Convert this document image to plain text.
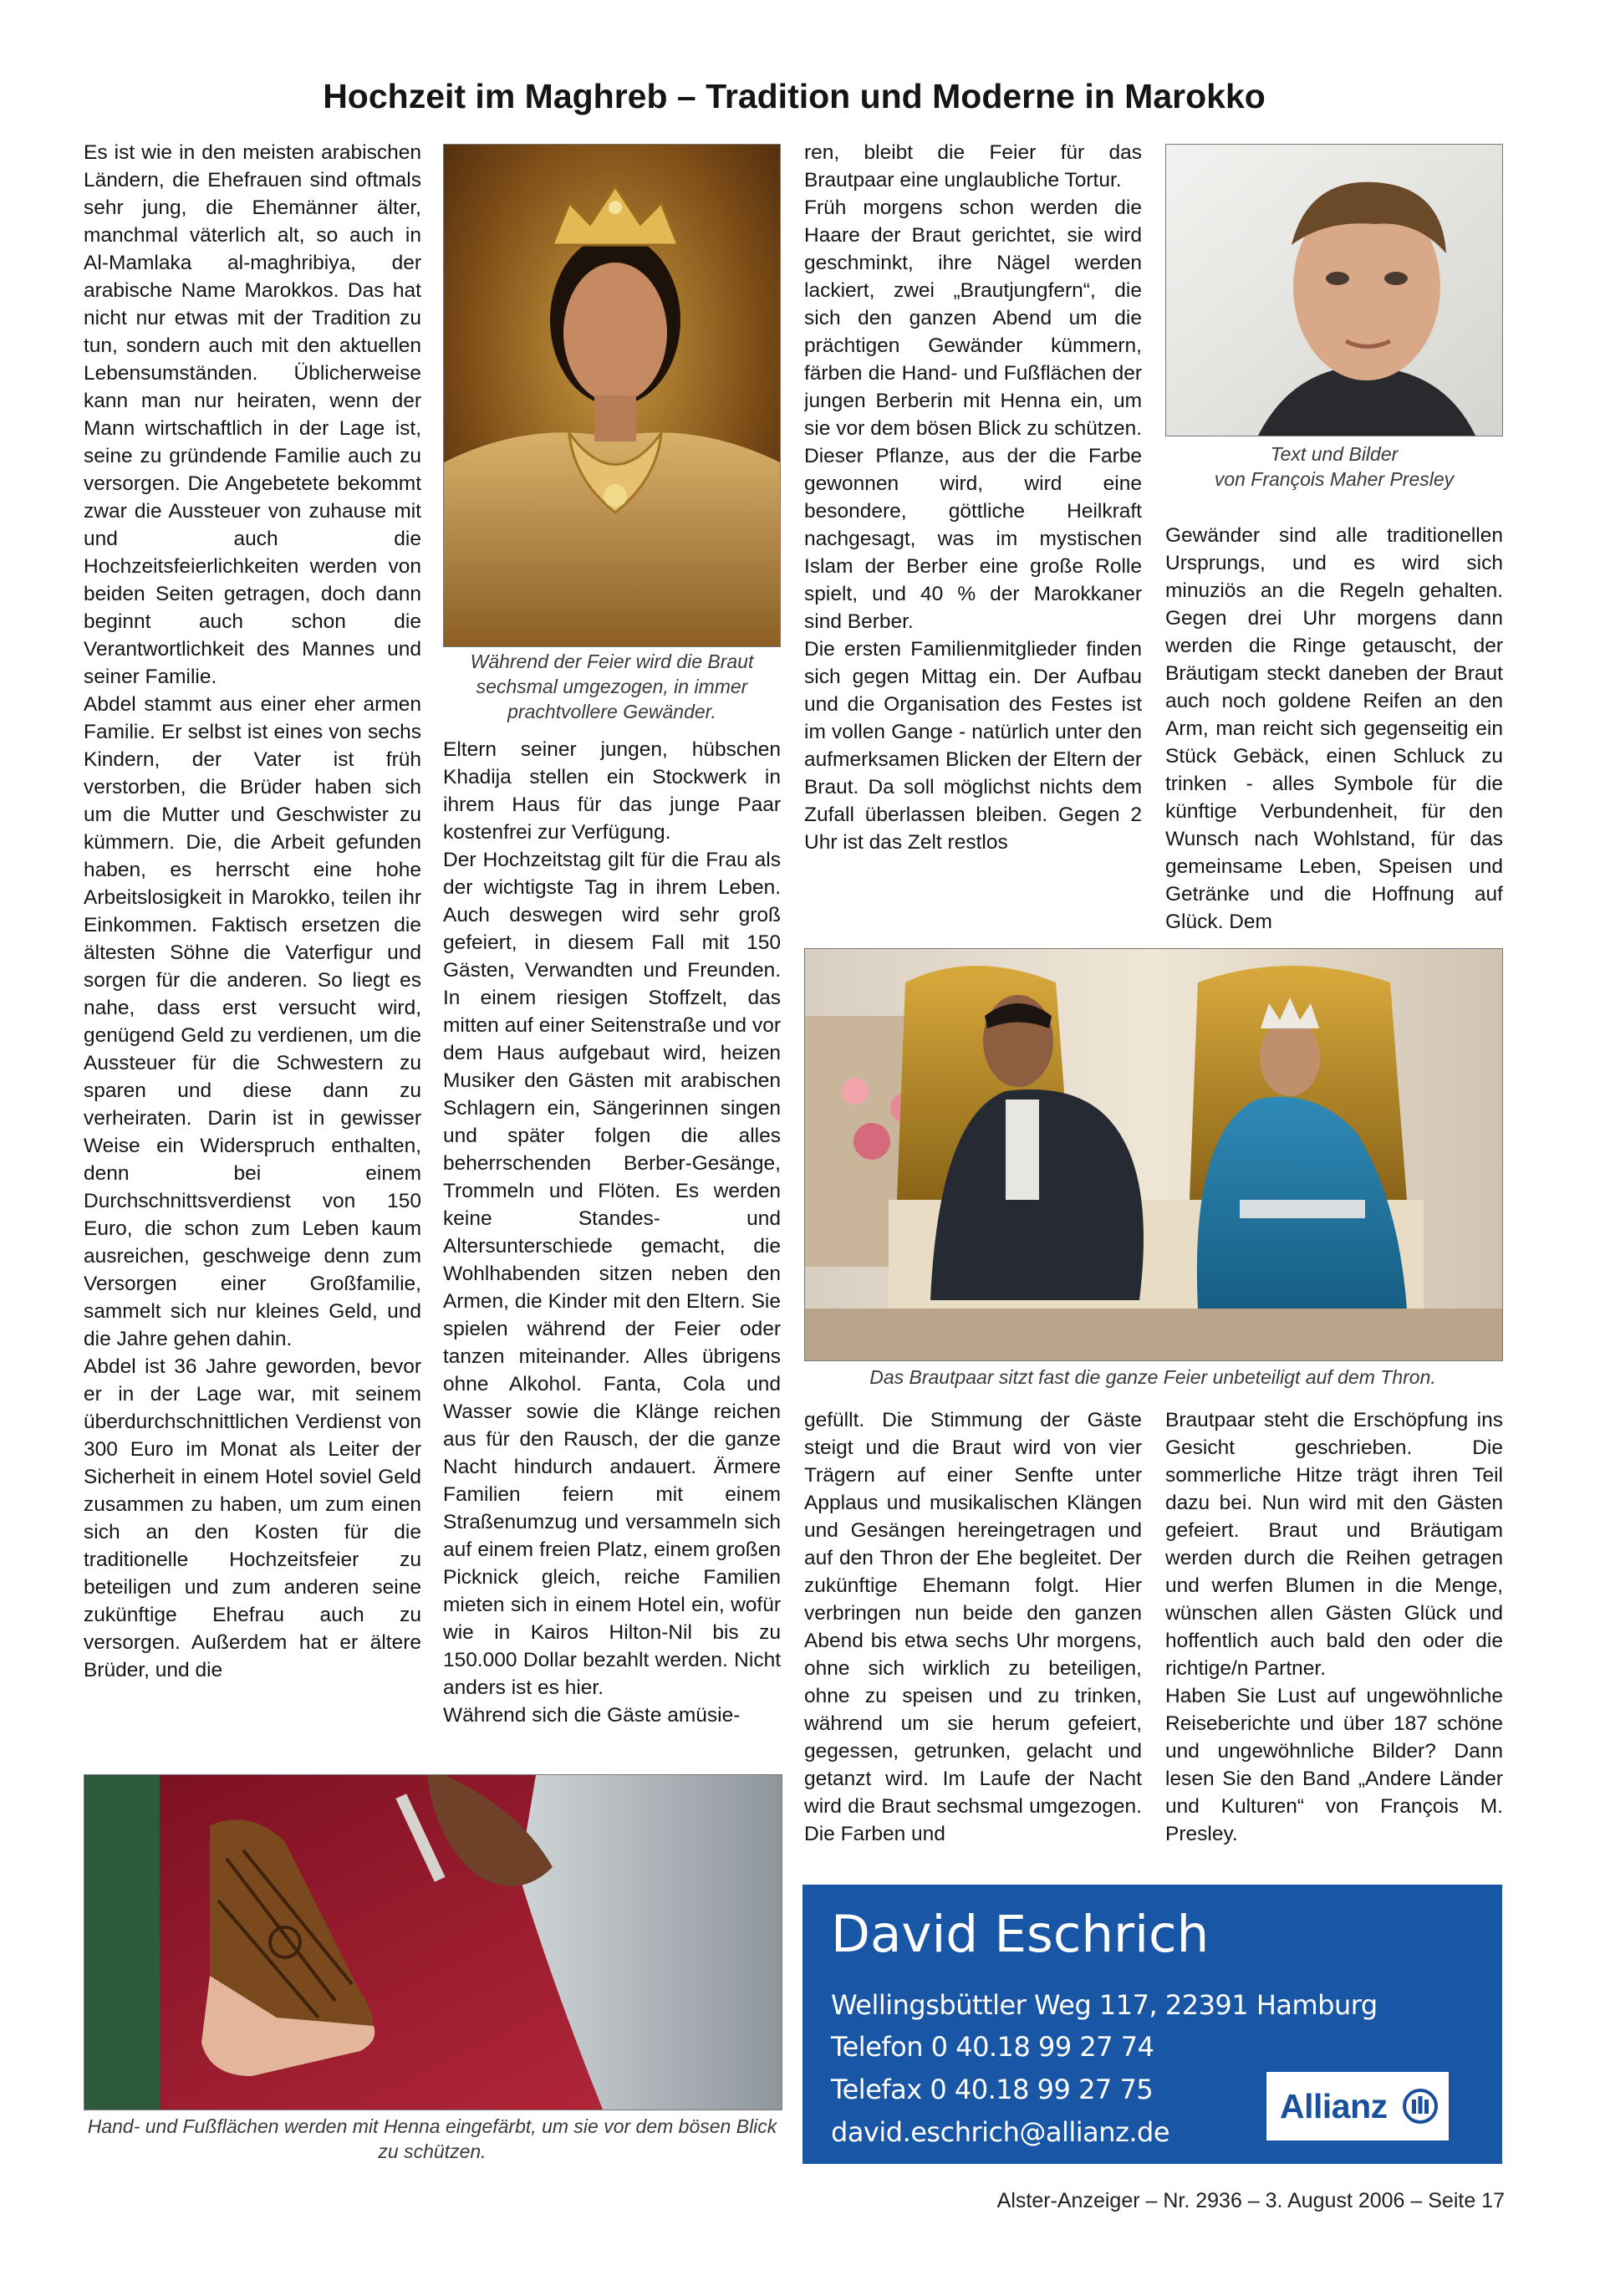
Hochzeit im Maghreb – Tradition und Moderne in Marokko

Es ist wie in den meisten arabischen Ländern, die Ehefrauen sind oftmals sehr jung, die Ehemänner älter, manchmal väterlich alt, so auch in Al-Mamlaka al-maghribiya, der arabische Name Marokkos. Das hat nicht nur etwas mit der Tradition zu tun, sondern auch mit den aktuellen Lebensumständen. Üblicherweise kann man nur heiraten, wenn der Mann wirtschaftlich in der Lage ist, seine zu gründende Familie auch zu versorgen. Die Angebetete bekommt zwar die Aussteuer von zuhause mit und auch die Hochzeitsfeierlichkeiten werden von beiden Seiten getragen, doch dann beginnt auch schon die Verantwortlichkeit des Mannes und seiner Familie.

Abdel stammt aus einer eher armen Familie. Er selbst ist eines von sechs Kindern, der Vater ist früh verstorben, die Brüder haben sich um die Mutter und Geschwister zu kümmern. Die, die Arbeit gefunden haben, es herrscht eine hohe Arbeitslosigkeit in Marokko, teilen ihr Einkommen. Faktisch ersetzen die ältesten Söhne die Vaterfigur und sorgen für die anderen. So liegt es nahe, dass erst versucht wird, genügend Geld zu verdienen, um die Aussteuer für die Schwestern zu sparen und diese dann zu verheiraten. Darin ist in gewisser Weise ein Widerspruch enthalten, denn bei einem Durchschnittsverdienst von 150 Euro, die schon zum Leben kaum ausreichen, geschweige denn zum Versorgen einer Großfamilie, sammelt sich nur kleines Geld, und die Jahre gehen dahin.

Abdel ist 36 Jahre geworden, bevor er in der Lage war, mit seinem überdurchschnittlichen Verdienst von 300 Euro im Monat als Leiter der Sicherheit in einem Hotel soviel Geld zusammen zu haben, um zum einen sich an den Kosten für die traditionelle Hochzeitsfeier zu beteiligen und zum anderen seine zukünftige Ehefrau auch zu versorgen. Außerdem hat er ältere Brüder, und die

Während der Feier wird die Braut sechsmal umgezogen, in immer prachtvollere Gewänder.

Eltern seiner jungen, hübschen Khadija stellen ein Stockwerk in ihrem Haus für das junge Paar kostenfrei zur Verfügung.

Der Hochzeitstag gilt für die Frau als der wichtigste Tag in ihrem Leben. Auch deswegen wird sehr groß gefeiert, in diesem Fall mit 150 Gästen, Verwandten und Freunden. In einem riesigen Stoffzelt, das mitten auf einer Seitenstraße und vor dem Haus aufgebaut wird, heizen Musiker den Gästen mit arabischen Schlagern ein, Sängerinnen singen und später folgen die alles beherrschenden Berber-Gesänge, Trommeln und Flöten. Es werden keine Standes- und Altersunterschiede gemacht, die Wohlhabenden sitzen neben den Armen, die Kinder mit den Eltern. Sie spielen während der Feier oder tanzen miteinander. Alles übrigens ohne Alkohol. Fanta, Cola und Wasser sowie die Klänge reichen aus für den Rausch, der die ganze Nacht hindurch andauert. Ärmere Familien feiern mit einem Straßenumzug und versammeln sich auf einem freien Platz, einem großen Picknick gleich, reiche Familien mieten sich in einem Hotel ein, wofür wie in Kairos Hilton-Nil bis zu 150.000 Dollar bezahlt werden. Nicht anders ist es hier.

Während sich die Gäste amüsie-

ren, bleibt die Feier für das Brautpaar eine unglaubliche Tortur.

Früh morgens schon werden die Haare der Braut gerichtet, sie wird geschminkt, ihre Nägel werden lackiert, zwei „Brautjungfern“, die sich den ganzen Abend um die prächtigen Gewänder kümmern, färben die Hand- und Fußflächen der jungen Berberin mit Henna ein, um sie vor dem bösen Blick zu schützen. Dieser Pflanze, aus der die Farbe gewonnen wird, wird eine besondere, göttliche Heilkraft nachgesagt, was im mystischen Islam der Berber eine große Rolle spielt, und 40 % der Marokkaner sind Berber.

Die ersten Familienmitglieder finden sich gegen Mittag ein. Der Aufbau und die Organisation des Festes ist im vollen Gange - natürlich unter den aufmerksamen Blicken der Eltern der Braut. Da soll möglichst nichts dem Zufall überlassen bleiben. Gegen 2 Uhr ist das Zelt restlos

Text und Bilder
von François Maher Presley

Gewänder sind alle traditionellen Ursprungs, und es wird sich minuziös an die Regeln gehalten. Gegen drei Uhr morgens dann werden die Ringe getauscht, der Bräutigam steckt daneben der Braut auch noch goldene Reifen an den Arm, man reicht sich gegenseitig ein Stück Gebäck, einen Schluck zu trinken - alles Symbole für die künftige Verbundenheit, für den Wunsch nach Wohlstand, für das gemeinsame Leben, Speisen und Getränke und die Hoffnung auf Glück. Dem

Das Brautpaar sitzt fast die ganze Feier unbeteiligt auf dem Thron.

gefüllt. Die Stimmung der Gäste steigt und die Braut wird von vier Trägern auf einer Senfte unter Applaus und musikalischen Klängen und Gesängen hereingetragen und auf den Thron der Ehe begleitet. Der zukünftige Ehemann folgt. Hier verbringen nun beide den ganzen Abend bis etwa sechs Uhr morgens, ohne sich wirklich zu beteiligen, ohne zu speisen und zu trinken, während um sie herum gefeiert, gegessen, getrunken, gelacht und getanzt wird. Im Laufe der Nacht wird die Braut sechsmal umgezogen. Die Farben und

Brautpaar steht die Erschöpfung ins Gesicht geschrieben. Die sommerliche Hitze trägt ihren Teil dazu bei. Nun wird mit den Gästen gefeiert. Braut und Bräutigam werden durch die Reihen getragen und werfen Blumen in die Menge, wünschen allen Gästen Glück und hoffentlich auch bald den oder die richtige/n Partner.

Haben Sie Lust auf ungewöhnliche Reiseberichte und über 187 schöne und ungewöhnliche Bilder? Dann lesen Sie den Band „Andere Länder und Kulturen“ von François M. Presley.

Hand- und Fußflächen werden mit Henna eingefärbt, um sie vor dem bösen Blick zu schützen.

David Eschrich

Wellingsbüttler Weg 117, 22391 Hamburg

Telefon 0 40.18 99 27 74

Telefax 0 40.18 99 27 75

david.eschrich@allianz.de

Allianz

Alster-Anzeiger – Nr. 2936 – 3. August 2006 – Seite 17
